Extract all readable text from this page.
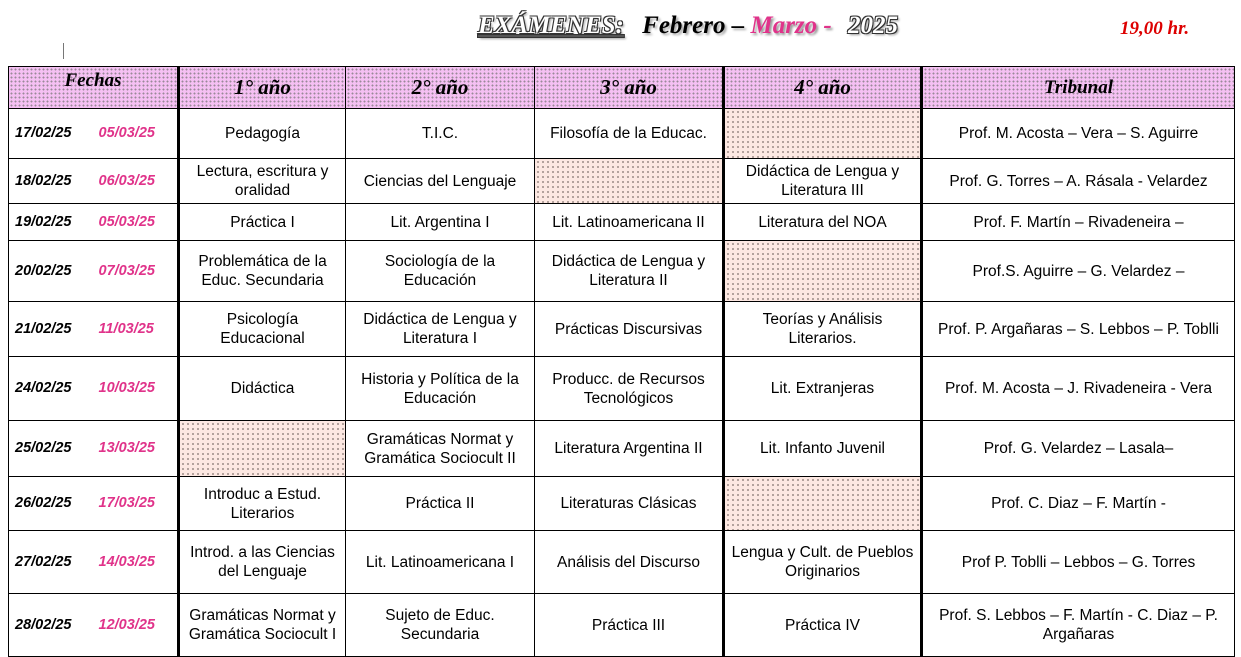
EXÁMENES: Febrero – Marzo - 2025	19,00 hr.
Fechas		1° año	2° año	3° año	4° año	Tribunal
17/02/25	05/03/25	Pedagogía	T.I.C.	Filosofía de la Educac.		Prof. M. Acosta – Vera – S. Aguirre
18/02/25	06/03/25	Lectura, escritura y oralidad	Ciencias del Lenguaje		Didáctica de Lengua y Literatura III	Prof. G. Torres – A. Rásala - Velardez
19/02/25	05/03/25	Práctica I	Lit. Argentina I	Lit. Latinoamericana II	Literatura del NOA	Prof. F. Martín – Rivadeneira –
20/02/25	07/03/25	Problemática de la Educ. Secundaria	Sociología de la Educación	Didáctica de Lengua y Literatura II		Prof.S. Aguirre – G. Velardez –
21/02/25	11/03/25	Psicología Educacional	Didáctica de Lengua y Literatura I	Prácticas Discursivas	Teorías y Análisis Literarios.	Prof. P. Argañaras – S. Lebbos – P. Toblli
24/02/25	10/03/25	Didáctica	Historia y Política de la Educación	Producc. de Recursos Tecnológicos	Lit. Extranjeras	Prof. M. Acosta – J. Rivadeneira - Vera
25/02/25	13/03/25		Gramáticas Normat y Gramática Sociocult II	Literatura Argentina II	Lit. Infanto Juvenil	Prof. G. Velardez – Lasala–
26/02/25	17/03/25	Introduc a Estud. Literarios	Práctica II	Literaturas Clásicas		Prof. C. Diaz – F. Martín -
27/02/25	14/03/25	Introd. a las Ciencias del Lenguaje	Lit. Latinoamericana I	Análisis del Discurso	Lengua y Cult. de Pueblos Originarios	Prof P. Toblli – Lebbos – G. Torres
28/02/25	12/03/25	Gramáticas Normat y Gramática Sociocult I	Sujeto de Educ. Secundaria	Práctica III	Práctica IV	Prof. S. Lebbos – F. Martín - C. Diaz – P. Argañaras
